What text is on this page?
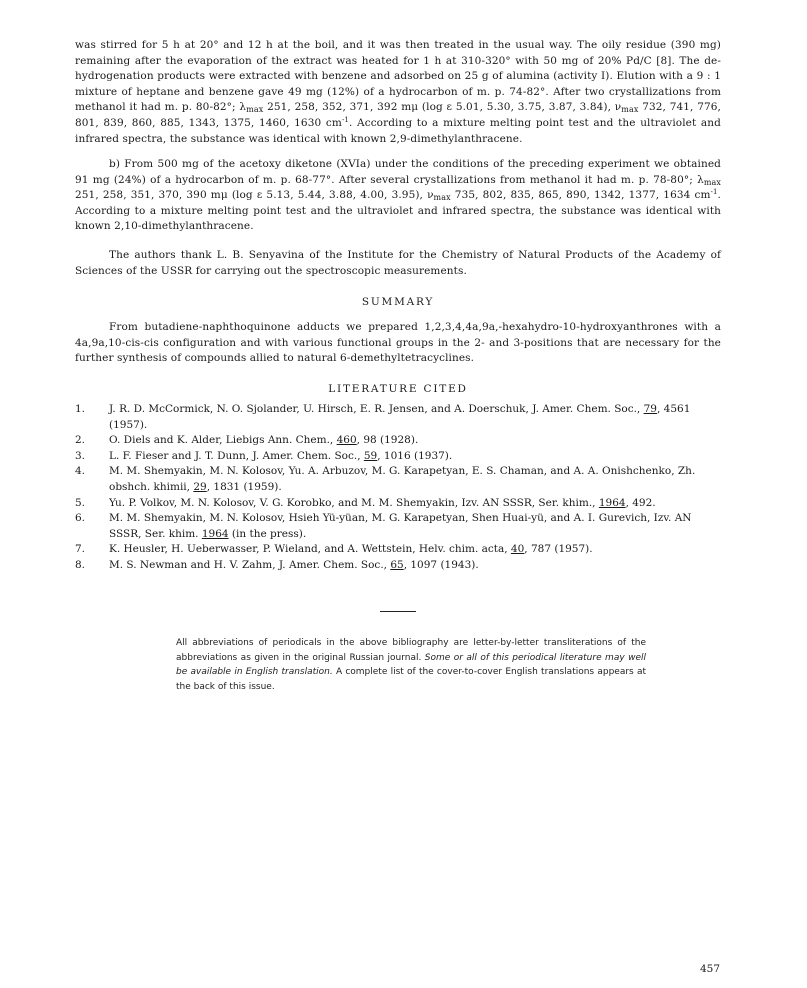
was stirred for 5 h at 20° and 12 h at the boil, and it was then treated in the usual way. The oily residue (390 mg) remaining after the evaporation of the extract was heated for 1 h at 310-320° with 50 mg of 20% Pd/C [8]. The de-hydrogenation products were extracted with benzene and adsorbed on 25 g of alumina (activity I). Elution with a 9 : 1 mixture of heptane and benzene gave 49 mg (12%) of a hydrocarbon of m. p. 74-82°. After two crystallizations from methanol it had m. p. 80-82°; $\lambda_{max}$ 251, 258, 352, 371, 392 mμ (log ε 5.01, 5.30, 3.75, 3.87, 3.84), $\nu_{max}$ 732, 741, 776, 801, 839, 860, 885, 1343, 1375, 1460, 1630 $cm^{-1}$. According to a mixture melting point test and the ultraviolet and infrared spectra, the substance was identical with known 2,9-dimethylanthracene.

b) From 500 mg of the acetoxy diketone (XVIa) under the conditions of the preceding experiment we obtained 91 mg (24%) of a hydrocarbon of m. p. 68-77°. After several crystallizations from methanol it had m. p. 78-80°; $\lambda_{max}$ 251, 258, 351, 370, 390 mμ (log ε 5.13, 5.44, 3.88, 4.00, 3.95), $\nu_{max}$ 735, 802, 835, 865, 890, 1342, 1377, 1634 $cm^{-1}$. According to a mixture melting point test and the ultraviolet and infrared spectra, the substance was identical with known 2,10-dimethylanthracene.

The authors thank L. B. Senyavina of the Institute for the Chemistry of Natural Products of the Academy of Sciences of the USSR for carrying out the spectroscopic measurements.

SUMMARY

From butadiene-naphthoquinone adducts we prepared 1,2,3,4,4a,9a,-hexahydro-10-hydroxyanthrones with a 4a,9a,10-cis-cis configuration and with various functional groups in the 2- and 3-positions that are necessary for the further synthesis of compounds allied to natural 6-demethyltetracyclines.

LITERATURE CITED

1.	J. R. D. McCormick, N. O. Sjolander, U. Hirsch, E. R. Jensen, and A. Doerschuk, J. Amer. Chem. Soc., 79, 4561 (1957).
2.	O. Diels and K. Alder, Liebigs Ann. Chem., 460, 98 (1928).
3.	L. F. Fieser and J. T. Dunn, J. Amer. Chem. Soc., 59, 1016 (1937).
4.	M. M. Shemyakin, M. N. Kolosov, Yu. A. Arbuzov, M. G. Karapetyan, E. S. Chaman, and A. A. Onishchenko, Zh. obshch. khimii, 29, 1831 (1959).
5.	Yu. P. Volkov, M. N. Kolosov, V. G. Korobko, and M. M. Shemyakin, Izv. AN SSSR, Ser. khim., 1964, 492.
6.	M. M. Shemyakin, M. N. Kolosov, Hsieh Yü-yüan, M. G. Karapetyan, Shen Huai-yü, and A. I. Gurevich, Izv. AN SSSR, Ser. khim. 1964 (in the press).
7.	K. Heusler, H. Ueberwasser, P. Wieland, and A. Wettstein, Helv. chim. acta, 40, 787 (1957).
8.	M. S. Newman and H. V. Zahm, J. Amer. Chem. Soc., 65, 1097 (1943).

All abbreviations of periodicals in the above bibliography are letter-by-letter transliterations of the abbreviations as given in the original Russian journal. Some or all of this periodical literature may well be available in English translation. A complete list of the cover-to-cover English translations appears at the back of this issue.

457
